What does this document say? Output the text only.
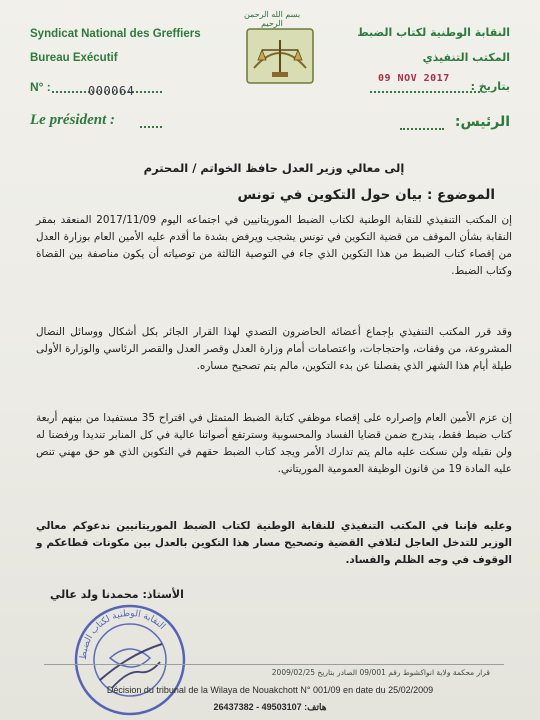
بسم الله الرحمن الرحيم
Syndicat National des Greffiers
Bureau Exécutif
N° :	000064
Le président :
النقابة الوطنية لكتاب الضبط
المكتب التنفيذي
بتاريخ :
09 NOV 2017
الرئيس:
إلى معالي وزير العدل حافظ الخواتم / المحترم
الموضوع : بيان حول التكوين في تونس
إن المكتب التنفيذي للنقابة الوطنية لكتاب الضبط الموريتانيين في اجتماعه اليوم 2017/11/09 المنعقد بمقر النقابة بشأن الموقف من قضية التكوين في تونس يشجب ويرفض بشدة ما أقدم عليه الأمين العام بوزارة العدل من إقصاء كتاب الضبط من هذا التكوين الذي جاء في التوصية الثالثة من توصياته أن يكون مناصفة بين القضاة وكتاب الضبط.
وقد قرر المكتب التنفيذي بإجماع أعضائه الحاضرون التصدي لهذا القرار الجائر بكل أشكال ووسائل النضال المشروعة، من وقفات، واحتجاجات، واعتصامات أمام وزارة العدل وقصر العدل والقصر الرئاسي والوزارة الأولى طيلة أيام هذا الشهر الذي يفصلنا عن بدء التكوين، مالم يتم تصحيح مساره.
إن عزم الأمين العام وإصراره على إقصاء موظفي كتابة الضبط المتمثل في اقتراح 35 مستفيدا من بينهم أربعة كتاب ضبط فقط، يندرج ضمن قضايا الفساد والمحسوبية وسترتفع أصواتنا عالية في كل المنابر تنديدا ورفضنا له ولن نقبله ولن نسكت عليه مالم يتم تدارك الأمر ويجد كتاب الضبط حقهم في التكوين الذي هو حق مهني تنص عليه المادة 19 من قانون الوظيفة العمومية الموريتاني.
وعليه فإننا في المكتب التنفيذي للنقابة الوطنية لكتاب الضبط الموريتانيين ندعوكم معالي الوزير للتدخل العاجل لتلافي القضية وتصحيح مسار هذا التكوين بالعدل بين مكونات قطاعكم و الوقوف في وجه الظلم والفساد.
الأستاذ: محمدنا ولد عالي
النقابة الوطنية لكتاب الضبط
قرار محكمة ولاية انواكشوط رقم 09/001 الصادر بتاريخ 2009/02/25
Décision du tribunal de la Wilaya de Nouakchott N° 001/09 en date du 25/02/2009
هاتف: 49503107 - 26437382
